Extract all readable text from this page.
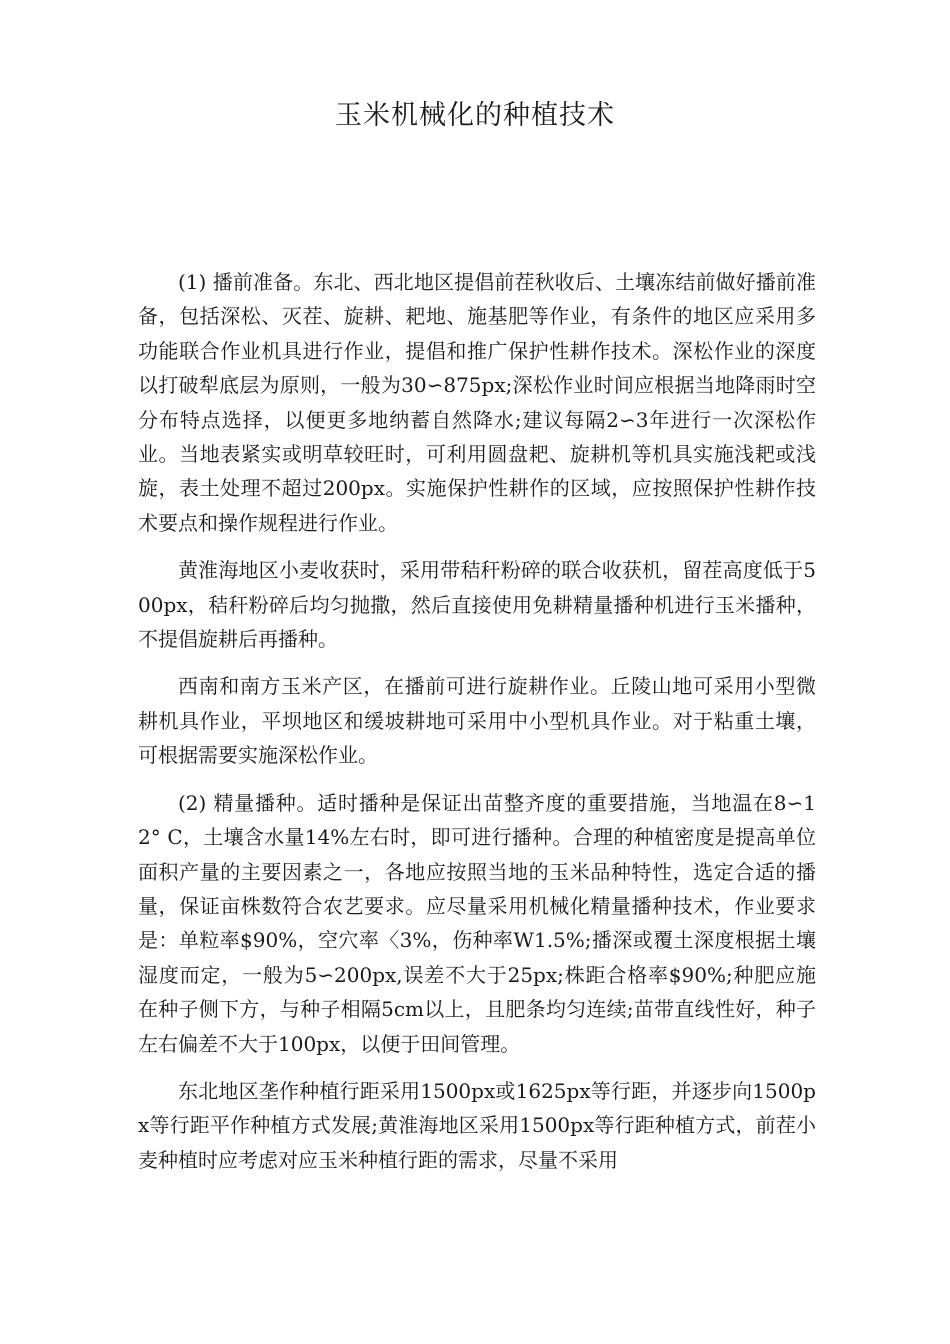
玉米机械化的种植技术

(1) 播前准备。东北、西北地区提倡前茬秋收后、土壤冻结前做好播前准备，包括深松、灭茬、旋耕、耙地、施基肥等作业，有条件的地区应采用多功能联合作业机具进行作业，提倡和推广保护性耕作技术。深松作业的深度以打破犁底层为原则，一般为30∽875px;深松作业时间应根据当地降雨时空分布特点选择，以便更多地纳蓄自然降水;建议每隔2∽3年进行一次深松作业。当地表紧实或明草较旺时，可利用圆盘耙、旋耕机等机具实施浅耙或浅旋，表土处理不超过200px。实施保护性耕作的区域，应按照保护性耕作技术要点和操作规程进行作业。

黄淮海地区小麦收获时，采用带秸秆粉碎的联合收获机，留茬高度低于500px，秸秆粉碎后均匀抛撒，然后直接使用免耕精量播种机进行玉米播种，不提倡旋耕后再播种。

西南和南方玉米产区，在播前可进行旋耕作业。丘陵山地可采用小型微耕机具作业，平坝地区和缓坡耕地可采用中小型机具作业。对于粘重土壤，可根据需要实施深松作业。

(2) 精量播种。适时播种是保证出苗整齐度的重要措施，当地温在8∽12° C，土壤含水量14%左右时，即可进行播种。合理的种植密度是提高单位面积产量的主要因素之一，各地应按照当地的玉米品种特性，选定合适的播量，保证亩株数符合农艺要求。应尽量采用机械化精量播种技术，作业要求是：单粒率$90%，空穴率〈3%，伤种率W1.5%;播深或覆土深度根据土壤湿度而定，一般为5∽200px,误差不大于25px;株距合格率$90%;种肥应施在种子侧下方，与种子相隔5cm以上，且肥条均匀连续;苗带直线性好，种子左右偏差不大于100px，以便于田间管理。

东北地区垄作种植行距采用1500px或1625px等行距，并逐步向1500px等行距平作种植方式发展;黄淮海地区采用1500px等行距种植方式，前茬小麦种植时应考虑对应玉米种植行距的需求，尽量不采用
